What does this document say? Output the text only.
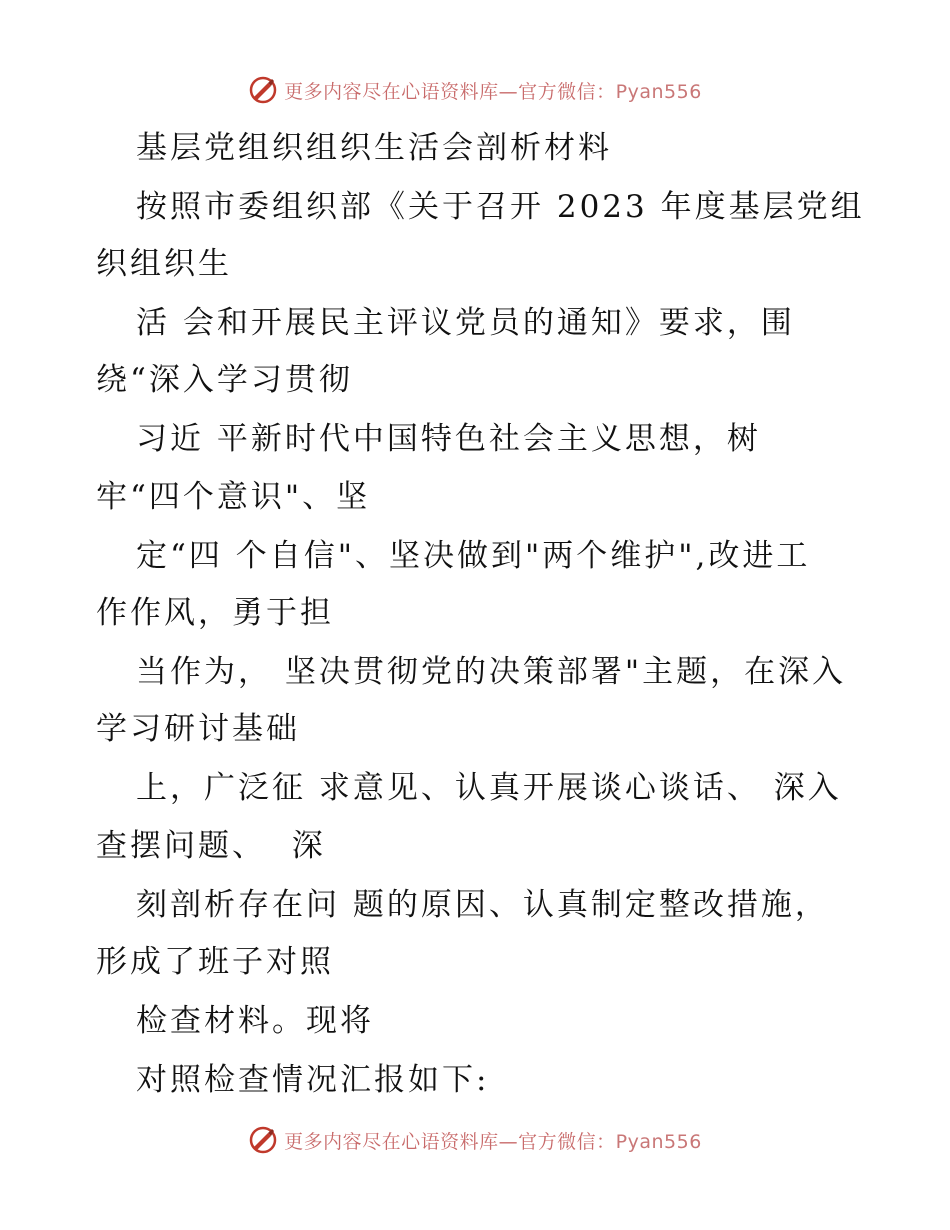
更多内容尽在心语资料库—官方微信：Pyan556
基层党组织组织生活会剖析材料
按照市委组织部《关于召开 2023 年度基层党组
织组织生
活 会和开展民主评议党员的通知》要求，围
绕“深入学习贯彻
习近 平新时代中国特色社会主义思想，树
牢“四个意识"、坚
定“四 个自信"、坚决做到"两个维护",改进工
作作风，勇于担
当作为， 坚决贯彻党的决策部署"主题，在深入
学习研讨基础
上，广泛征 求意见、认真开展谈心谈话、 深入
查摆问题、  深
刻剖析存在问 题的原因、认真制定整改措施，
形成了班子对照
检查材料。现将
对照检查情况汇报如下:
更多内容尽在心语资料库—官方微信：Pyan556
